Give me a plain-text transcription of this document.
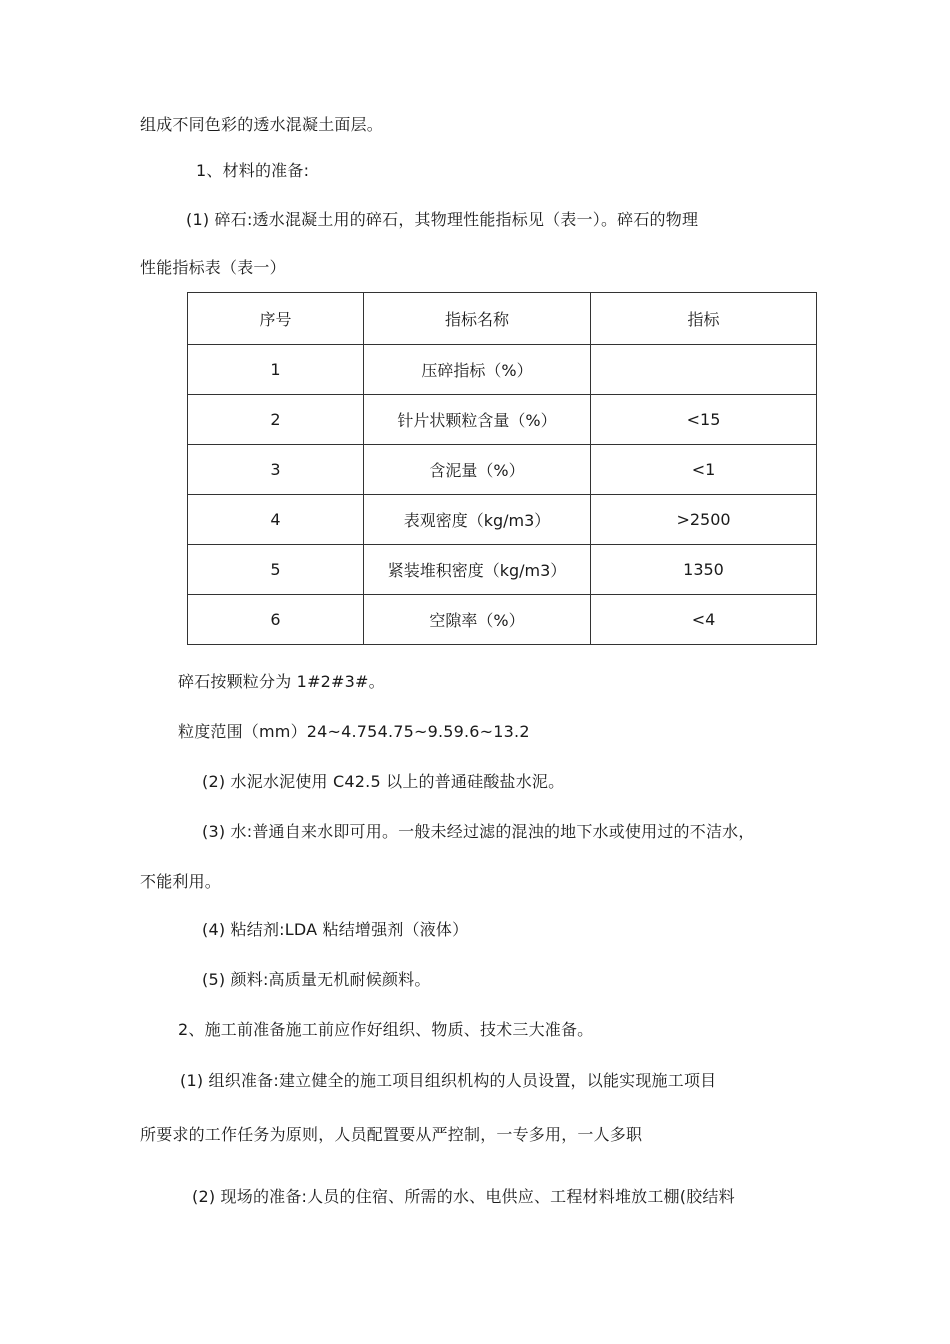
组成不同色彩的透水混凝土面层。
1、材料的准备:
(1) 碎石:透水混凝土用的碎石，其物理性能指标见（表一）。碎石的物理
性能指标表（表一）
序号	指标名称	指标
1	压碎指标（%）	
2	针片状颗粒含量（%）	<15
3	含泥量（%）	<1
4	表观密度（kg/m3）	>2500
5	紧装堆积密度（kg/m3）	1350
6	空隙率（%）	<4
碎石按颗粒分为 1#2#3#。
粒度范围（mm）24~4.754.75~9.59.6~13.2
(2) 水泥水泥使用 C42.5 以上的普通硅酸盐水泥。
(3) 水:普通自来水即可用。一般未经过滤的混浊的地下水或使用过的不洁水，
不能利用。
(4) 粘结剂:LDA 粘结增强剂（液体）
(5) 颜料:高质量无机耐候颜料。
2、施工前准备施工前应作好组织、物质、技术三大准备。
(1) 组织准备:建立健全的施工项目组织机构的人员设置，以能实现施工项目
所要求的工作任务为原则，人员配置要从严控制，一专多用，一人多职
(2) 现场的准备:人员的住宿、所需的水、电供应、工程材料堆放工棚(胶结料
